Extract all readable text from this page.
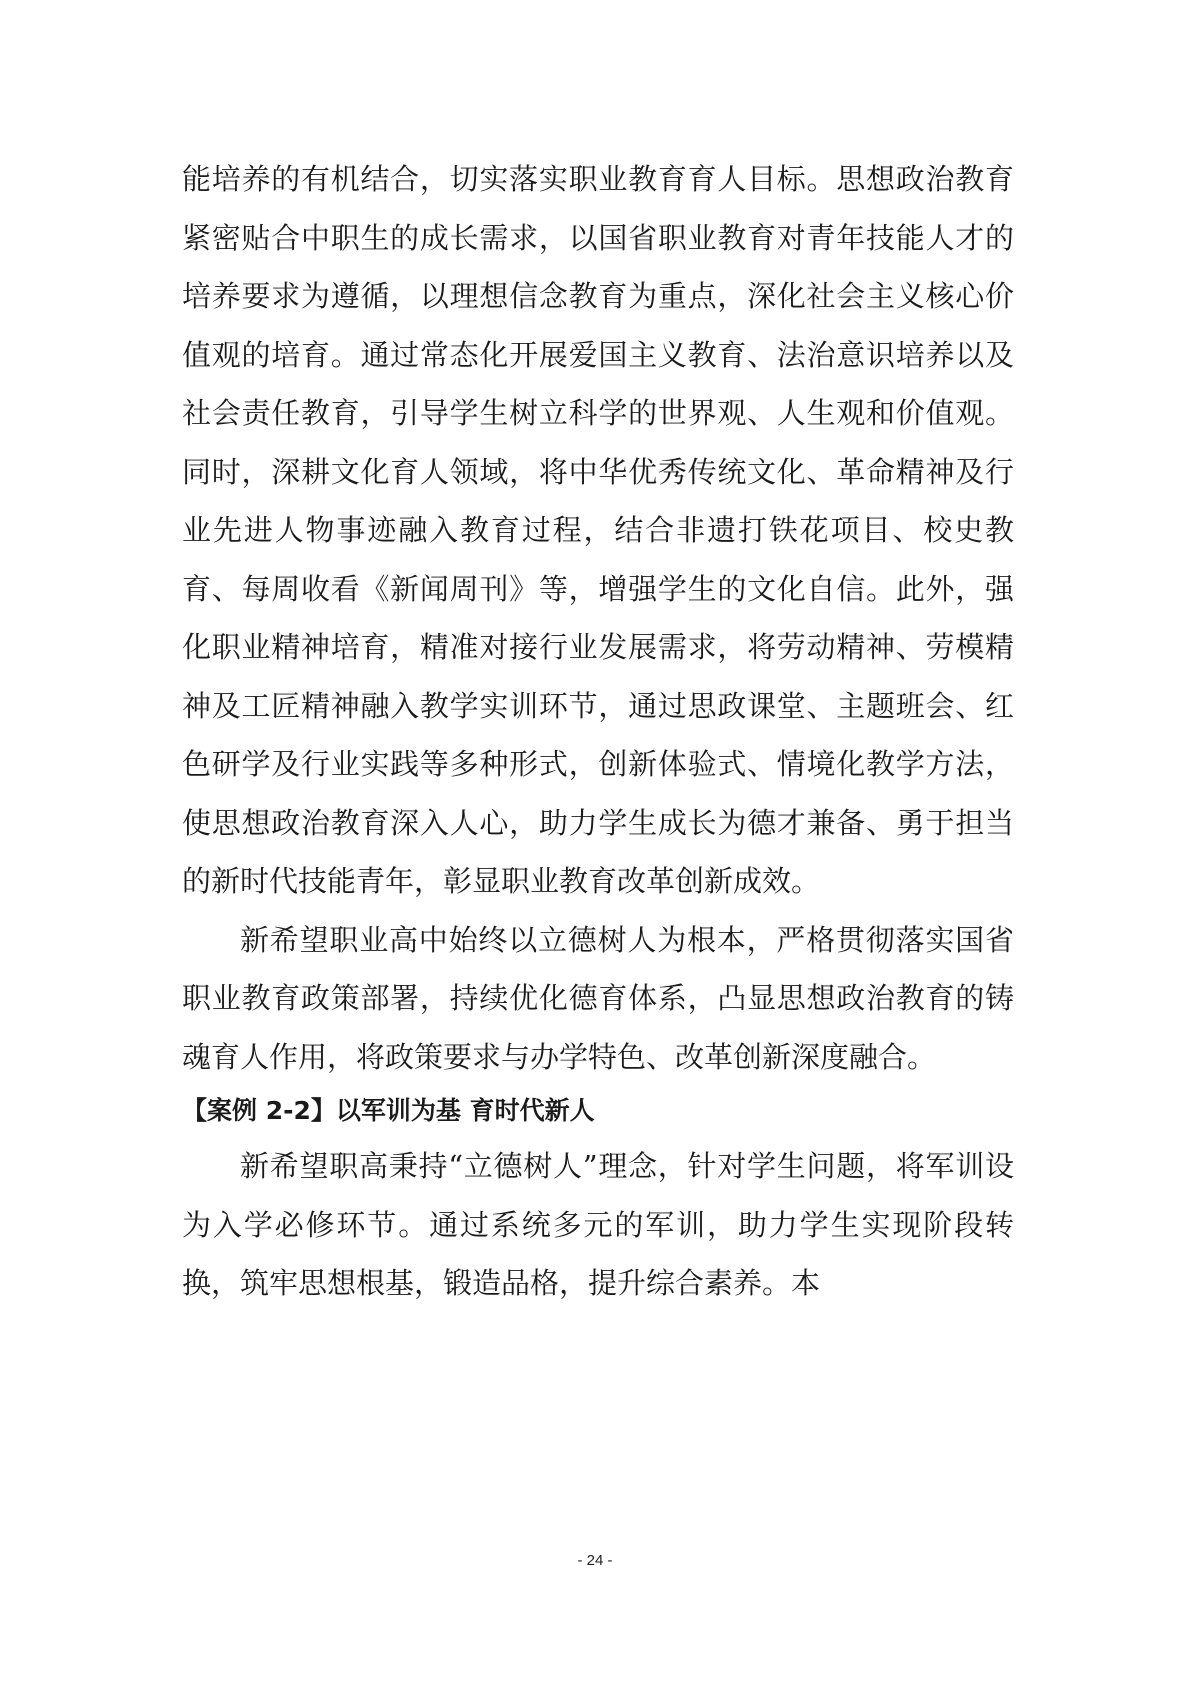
能培养的有机结合，切实落实职业教育育人目标。思想政治教育紧密贴合中职生的成长需求，以国省职业教育对青年技能人才的培养要求为遵循，以理想信念教育为重点，深化社会主义核心价值观的培育。通过常态化开展爱国主义教育、法治意识培养以及社会责任教育，引导学生树立科学的世界观、人生观和价值观。同时，深耕文化育人领域，将中华优秀传统文化、革命精神及行业先进人物事迹融入教育过程，结合非遗打铁花项目、校史教育、每周收看《新闻周刊》等，增强学生的文化自信。此外，强化职业精神培育，精准对接行业发展需求，将劳动精神、劳模精神及工匠精神融入教学实训环节，通过思政课堂、主题班会、红色研学及行业实践等多种形式，创新体验式、情境化教学方法，使思想政治教育深入人心，助力学生成长为德才兼备、勇于担当的新时代技能青年，彰显职业教育改革创新成效。

新希望职业高中始终以立德树人为根本，严格贯彻落实国省职业教育政策部署，持续优化德育体系，凸显思想政治教育的铸魂育人作用，将政策要求与办学特色、改革创新深度融合。

【案例 2-2】以军训为基 育时代新人

新希望职高秉持“立德树人”理念，针对学生问题，将军训设为入学必修环节。通过系统多元的军训，助力学生实现阶段转换，筑牢思想根基，锻造品格，提升综合素养。本

- 24 -
